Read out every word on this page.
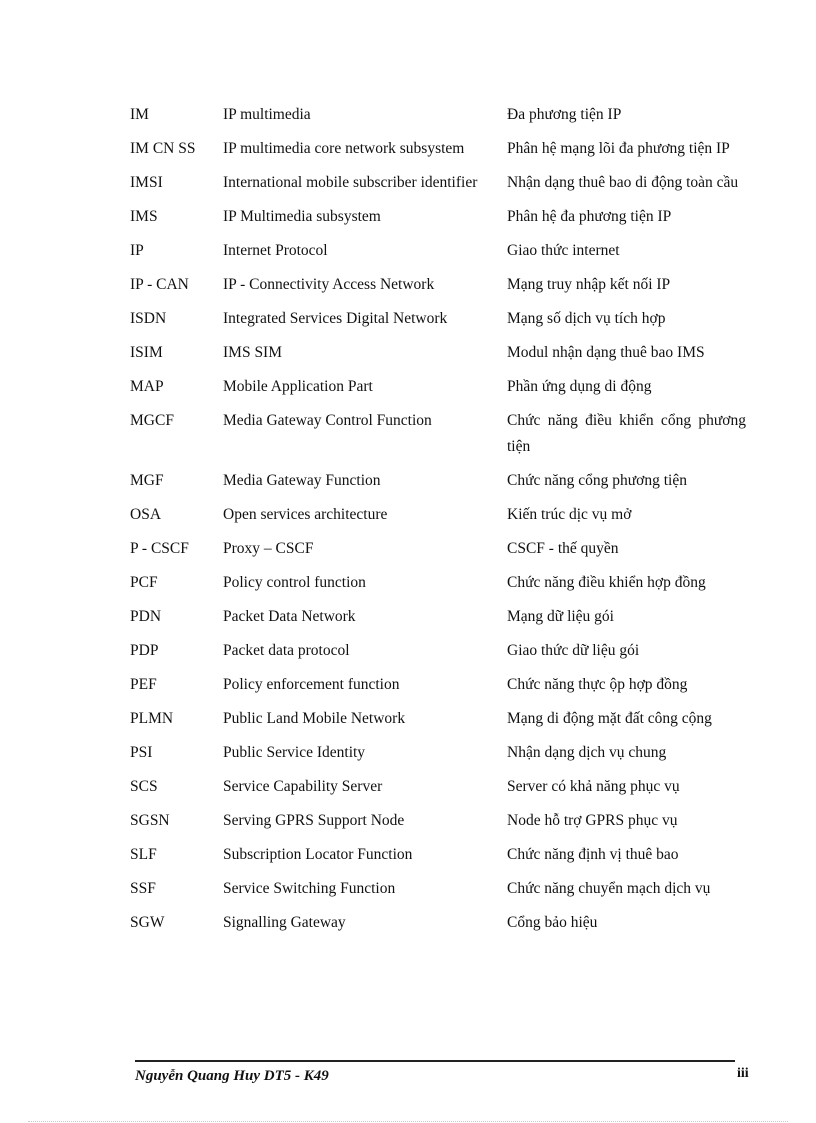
IM	IP multimedia	Đa phương tiện IP
IM CN SS	IP multimedia core network subsystem	Phân hệ mạng lõi đa phương tiện IP
IMSI	International mobile subscriber identifier	Nhận dạng thuê bao di động toàn cầu
IMS	IP Multimedia subsystem	Phân hệ đa phương tiện IP
IP	Internet Protocol	Giao thức internet
IP - CAN	IP - Connectivity Access Network	Mạng truy nhập kết nối IP
ISDN	Integrated Services Digital Network	Mạng số dịch vụ tích hợp
ISIM	IMS SIM	Modul nhận dạng thuê bao IMS
MAP	Mobile Application Part	Phần ứng dụng di động
MGCF	Media Gateway Control Function	Chức năng điều khiển cổng phương tiện
MGF	Media Gateway Function	Chức năng cổng phương tiện
OSA	Open services architecture	Kiến trúc dịc vụ mở
P - CSCF	Proxy – CSCF	CSCF - thế quyền
PCF	Policy control function	Chức năng điều khiển hợp đồng
PDN	Packet Data Network	Mạng dữ liệu gói
PDP	Packet data protocol	Giao thức dữ liệu gói
PEF	Policy enforcement function	Chức năng thực ộp hợp đồng
PLMN	Public Land Mobile Network	Mạng di động mặt đất công cộng
PSI	Public Service Identity	Nhận dạng dịch vụ chung
SCS	Service Capability Server	Server có khả năng phục vụ
SGSN	Serving GPRS Support Node	Node hỗ trợ GPRS phục vụ
SLF	Subscription Locator Function	Chức năng định vị thuê bao
SSF	Service Switching Function	Chức năng chuyển mạch dịch vụ
SGW	Signalling Gateway	Cổng bảo hiệu
Nguyễn Quang Huy DT5 - K49	iii
